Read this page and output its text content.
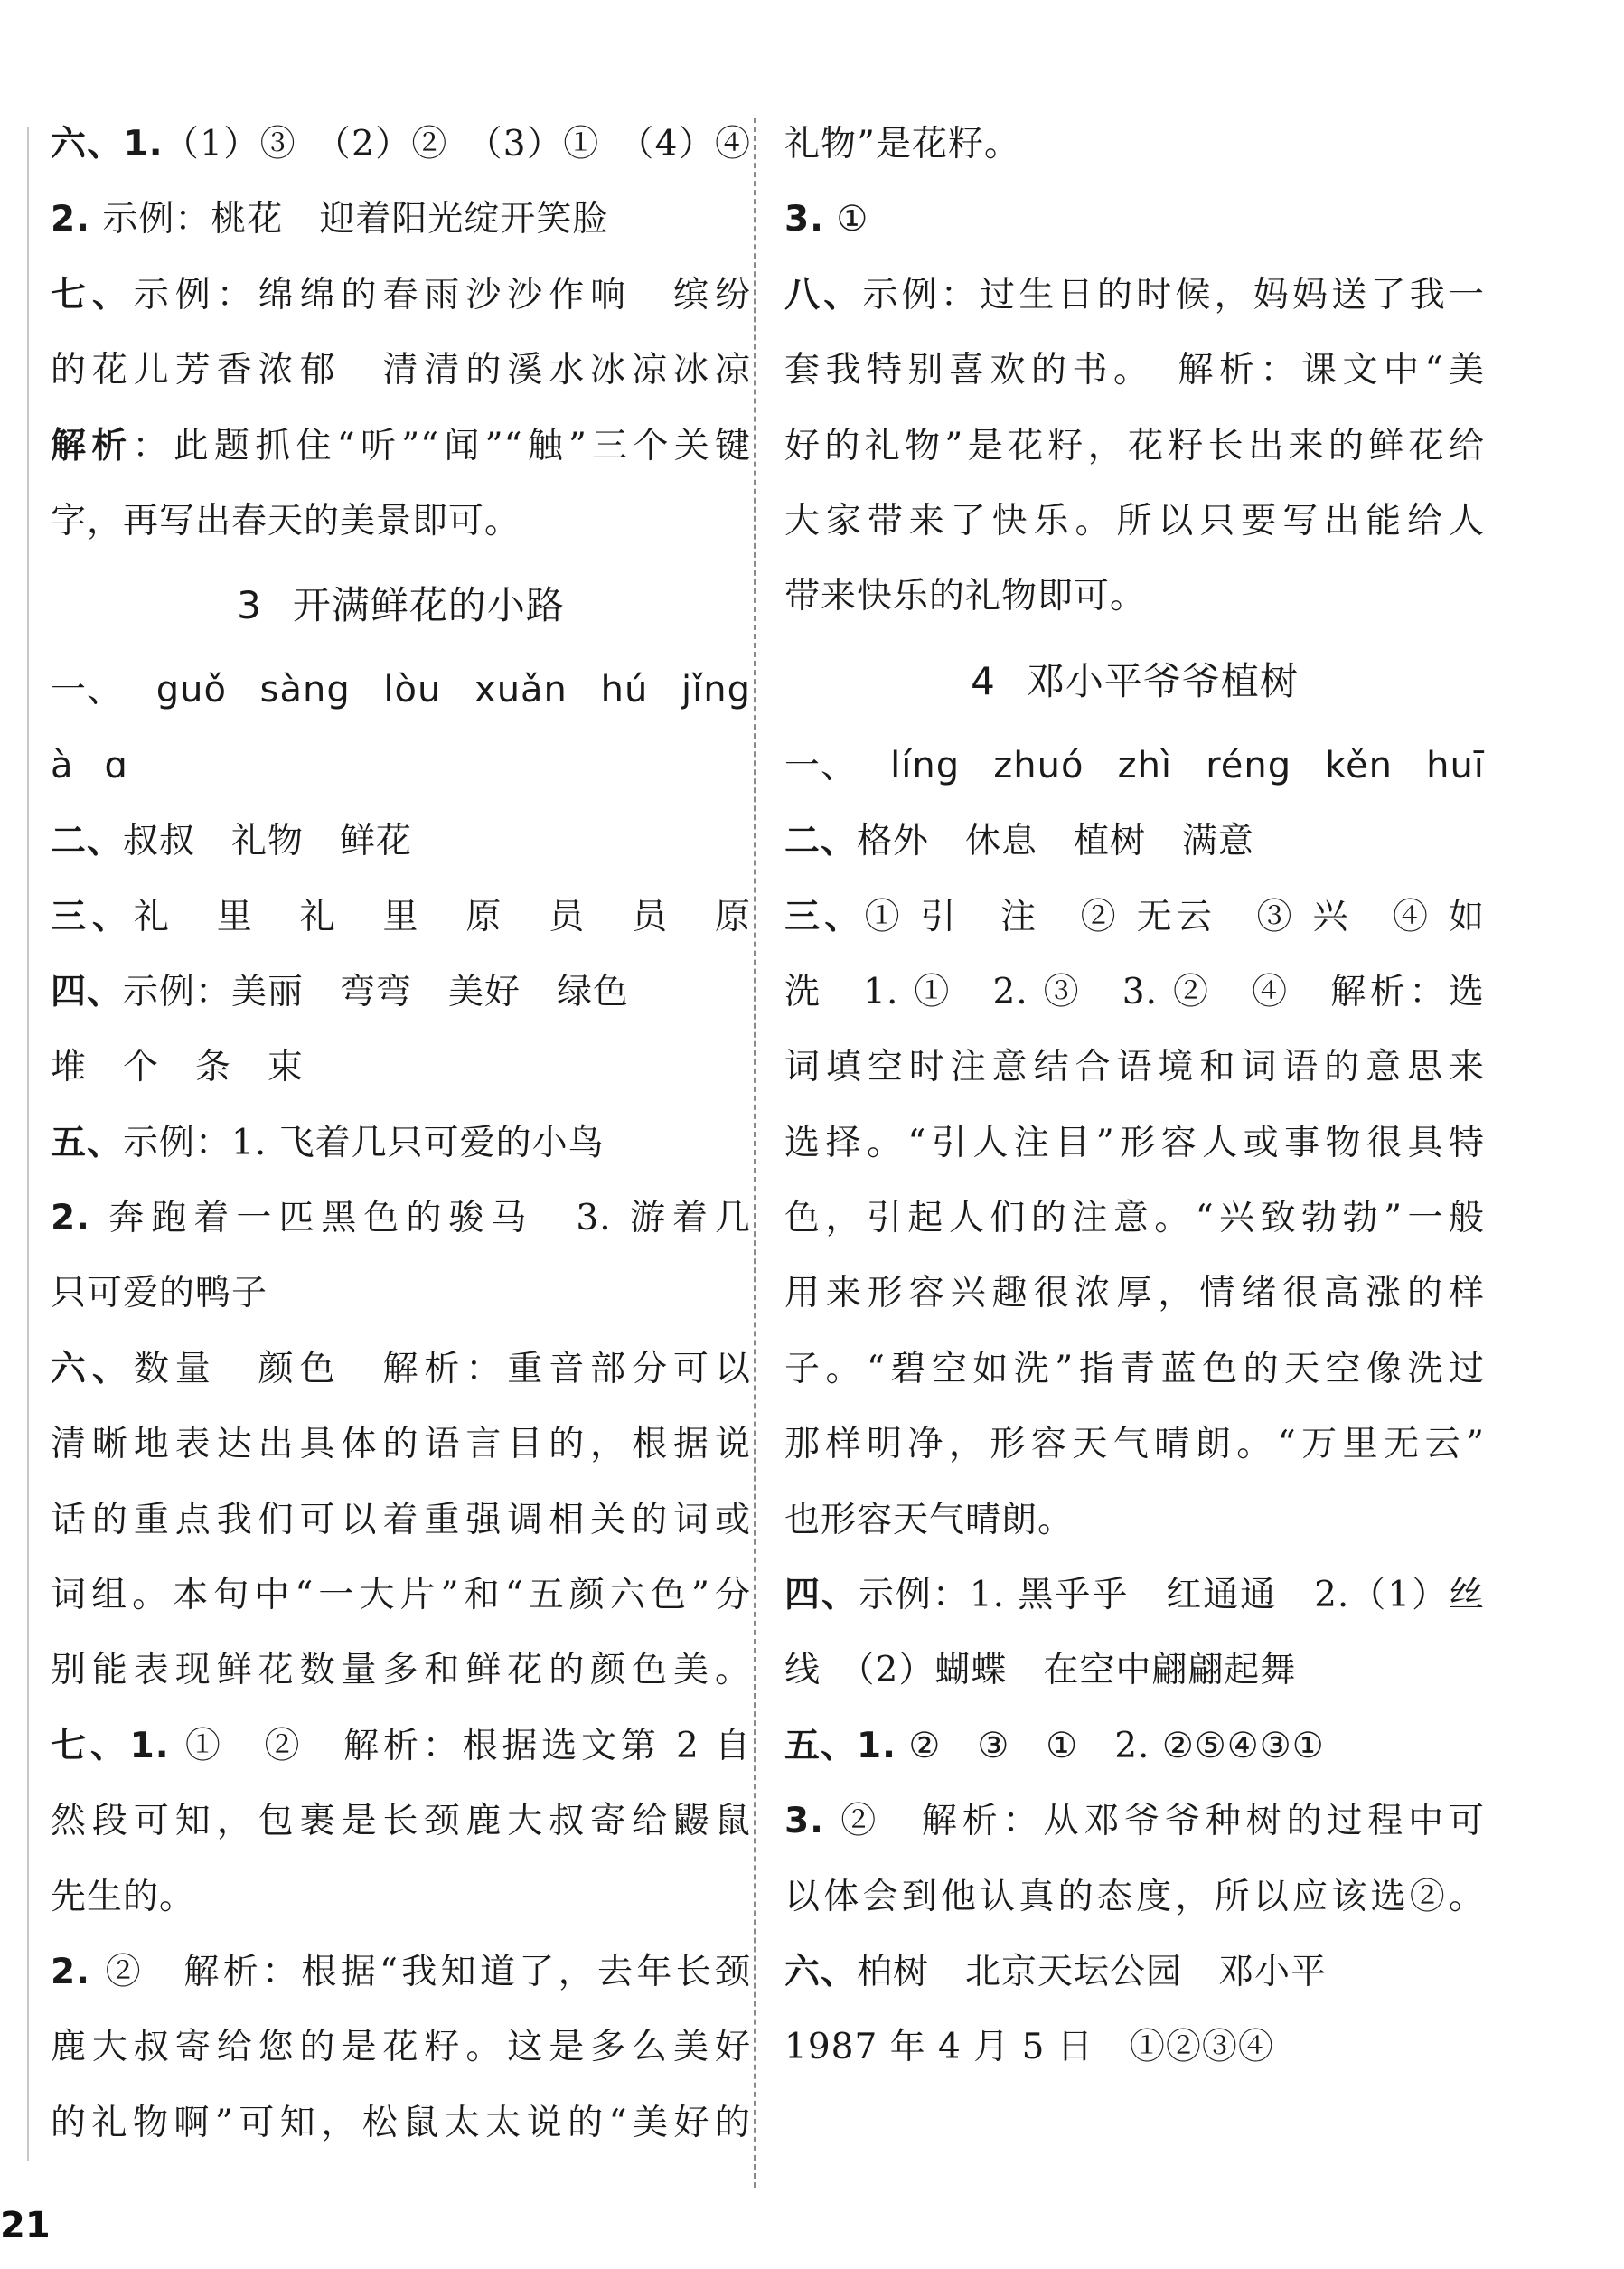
六、1.（1）③　（2）②　（3）①　（4）④
2. 示例：桃花　迎着阳光绽开笑脸
七、示例：绵绵的春雨沙沙作响　缤纷
的花儿芳香浓郁　清清的溪水冰凉冰凉
解析：此题抓住“听”“闻”“触”三个关键
字，再写出春天的美景即可。
3 开满鲜花的小路
一、 guǒ sàng lòu xuǎn hú jǐng
à ɑ
二、叔叔　礼物　鲜花
三、礼　里　礼　里　原　员　员　原
四、示例：美丽　弯弯　美好　绿色
堆　个　条　束
五、示例：1. 飞着几只可爱的小鸟
2. 奔跑着一匹黑色的骏马　3. 游着几
只可爱的鸭子
六、数量　颜色　解析：重音部分可以
清晰地表达出具体的语言目的，根据说
话的重点我们可以着重强调相关的词或
词组。本句中“一大片”和“五颜六色”分
别能表现鲜花数量多和鲜花的颜色美。
七、1. ①　②　解析：根据选文第 2 自
然段可知，包裹是长颈鹿大叔寄给鼹鼠
先生的。
2. ②　解析：根据“我知道了，去年长颈
鹿大叔寄给您的是花籽。这是多么美好
的礼物啊”可知，松鼠太太说的“美好的
礼物”是花籽。
3. ①
八、示例：过生日的时候，妈妈送了我一
套我特别喜欢的书。　解析：课文中“美
好的礼物”是花籽，花籽长出来的鲜花给
大家带来了快乐。所以只要写出能给人
带来快乐的礼物即可。
4 邓小平爷爷植树
一、 líng zhuó zhì réng kěn huī
二、格外　休息　植树　满意
三、① 引　注　② 无云　③ 兴　④ 如
洗　1. ①　2. ③　3. ②　④　解析：选
词填空时注意结合语境和词语的意思来
选择。“引人注目”形容人或事物很具特
色，引起人们的注意。“兴致勃勃”一般
用来形容兴趣很浓厚，情绪很高涨的样
子。“碧空如洗”指青蓝色的天空像洗过
那样明净，形容天气晴朗。“万里无云”
也形容天气晴朗。
四、示例：1. 黑乎乎　红通通　2.（1）丝
线　（2）蝴蝶　在空中翩翩起舞
五、1. ②　③　①　2. ②⑤④③①
3. ②　解析：从邓爷爷种树的过程中可
以体会到他认真的态度，所以应该选②。
六、柏树　北京天坛公园　邓小平
1987 年 4 月 5 日　①②③④
21
